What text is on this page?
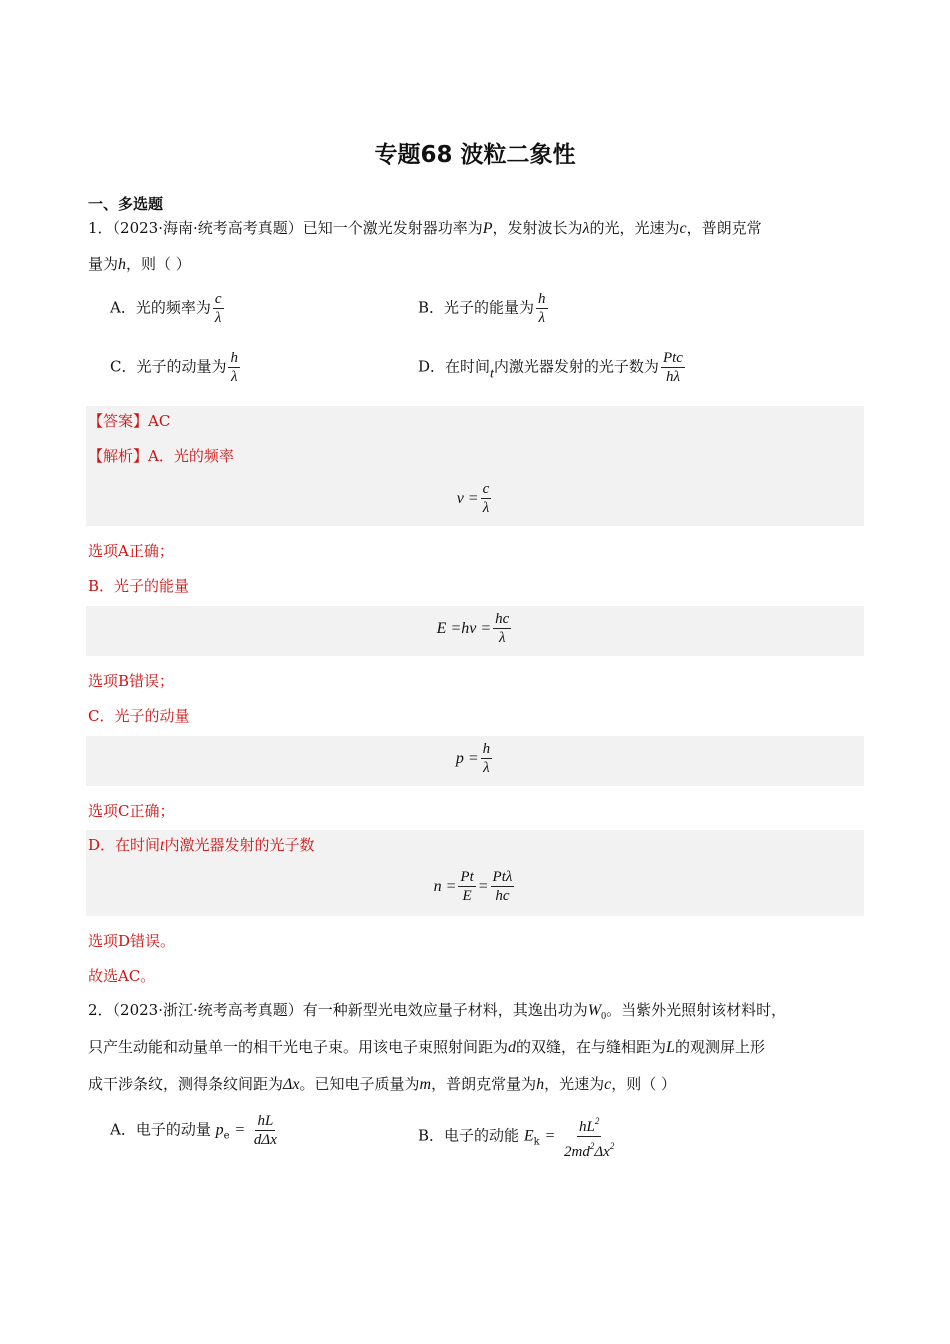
专题68 波粒二象性
一、多选题
1．（2023·海南·统考高考真题）已知一个激光发射器功率为P，发射波长为λ的光，光速为c，普朗克常
量为h，则（ ）
A．光的频率为 $\frac{c}{\lambda}$	B．光子的能量为 $\frac{h}{\lambda}$
C．光子的动量为 $\frac{h}{\lambda}$	D．在时间t内激光器发射的光子数为 $\frac{\text{Ptc}}{h\lambda}$
【答案】AC
【解析】A．光的频率
$\nu = \frac{c}{\lambda}$
选项A正确；
B．光子的能量
$E =h\nu = \frac{hc}{\lambda}$
选项B错误；
C．光子的动量
$p = \frac{h}{\lambda}$
选项C正确；
D．在时间t内激光器发射的光子数
$n = \frac{Pt}{E} = \frac{\text{Ptλ}}{hc}$
选项D错误。
故选AC。
2．（2023·浙江·统考高考真题）有一种新型光电效应量子材料，其逸出功为$W_0$。当紫外光照射该材料时，
只产生动能和动量单一的相干光电子束。用该电子束照射间距为d的双缝，在与缝相距为L的观测屏上形
成干涉条纹，测得条纹间距为Δx。已知电子质量为m，普朗克常量为h，光速为c，则（ ）
A．电子的动量 $p_e = \frac{hL}{\text{dΔx}}$	B．电子的动能 $E_k = \frac{hL^2}{2md^2\Delta x^2}$
